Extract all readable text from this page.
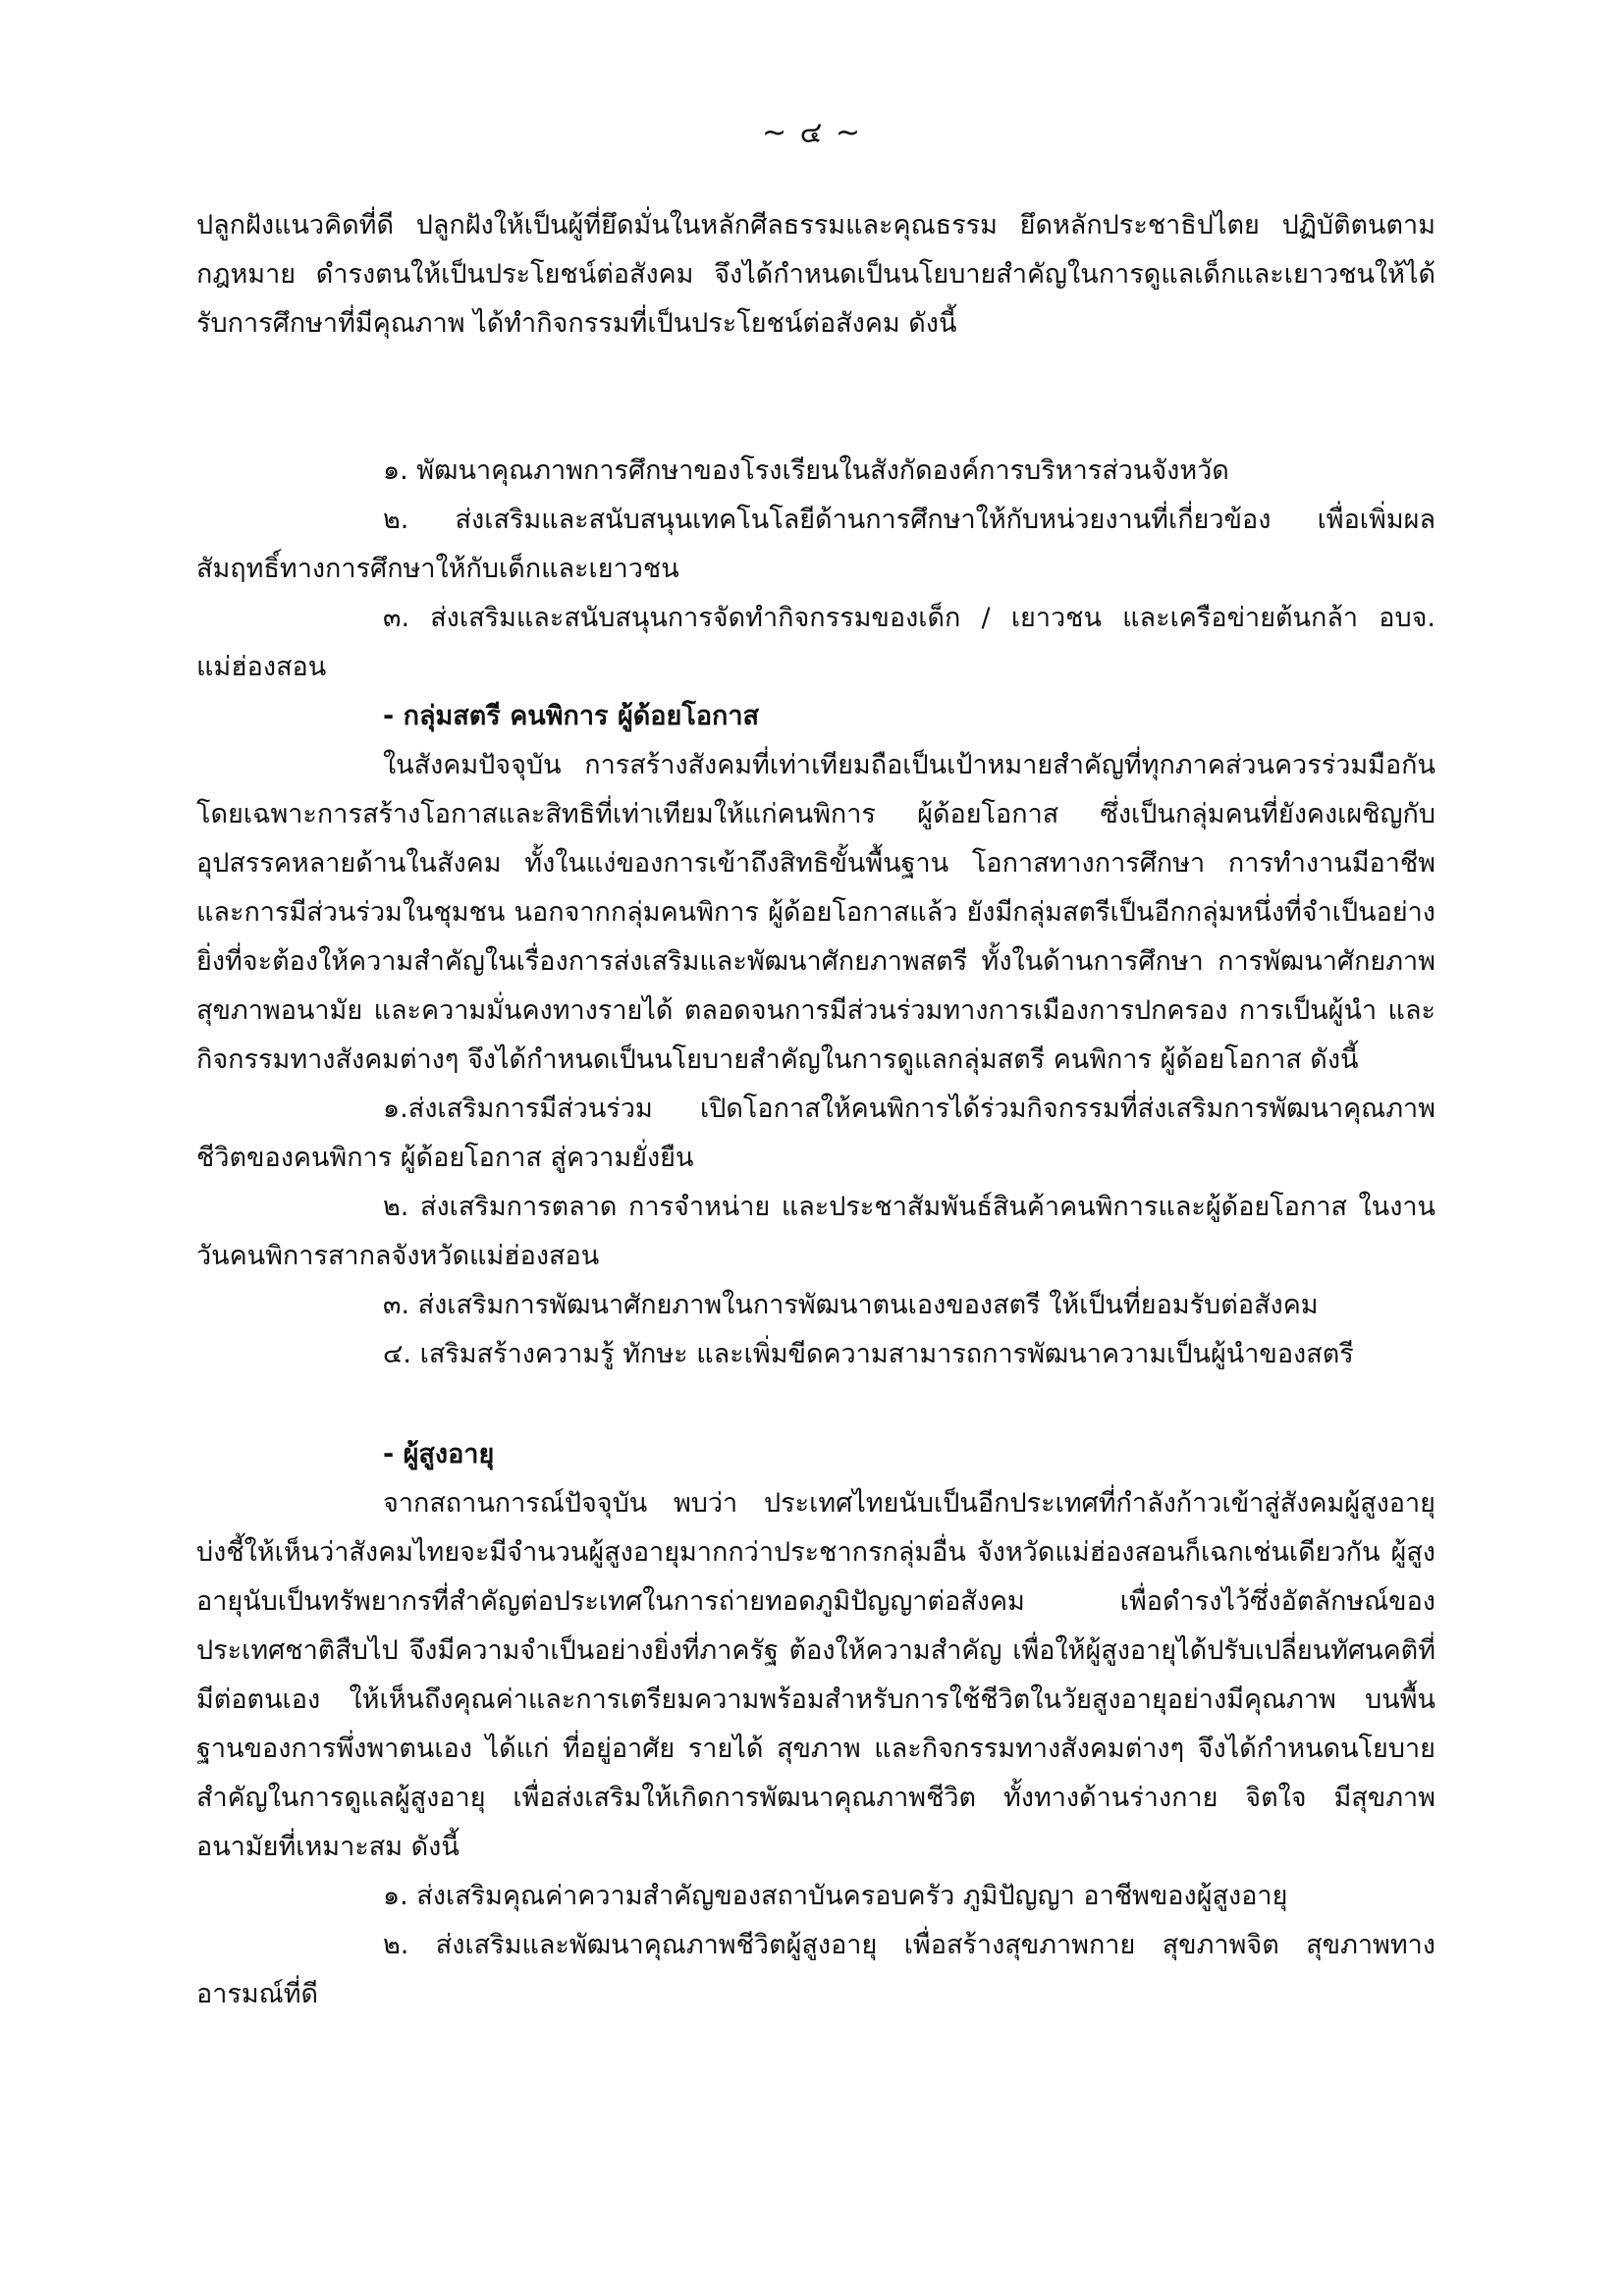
~ ๔ ~

ปลูกฝังแนวคิดที่ดี ปลูกฝังให้เป็นผู้ที่ยึดมั่นในหลักศีลธรรมและคุณธรรม ยึดหลักประชาธิปไตย ปฏิบัติตนตามกฎหมาย ดำรงตนให้เป็นประโยชน์ต่อสังคม จึงได้กำหนดเป็นนโยบายสำคัญในการดูแลเด็กและเยาวชนให้ได้รับการศึกษาที่มีคุณภาพ ได้ทำกิจกรรมที่เป็นประโยชน์ต่อสังคม ดังนี้

๑. พัฒนาคุณภาพการศึกษาของโรงเรียนในสังกัดองค์การบริหารส่วนจังหวัด

๒. ส่งเสริมและสนับสนุนเทคโนโลยีด้านการศึกษาให้กับหน่วยงานที่เกี่ยวข้อง เพื่อเพิ่มผลสัมฤทธิ์ทางการศึกษาให้กับเด็กและเยาวชน

๓. ส่งเสริมและสนับสนุนการจัดทำกิจกรรมของเด็ก / เยาวชน และเครือข่ายต้นกล้า อบจ. แม่ฮ่องสอน

- กลุ่มสตรี คนพิการ ผู้ด้อยโอกาส

ในสังคมปัจจุบัน การสร้างสังคมที่เท่าเทียมถือเป็นเป้าหมายสำคัญที่ทุกภาคส่วนควรร่วมมือกัน โดยเฉพาะการสร้างโอกาสและสิทธิที่เท่าเทียมให้แก่คนพิการ ผู้ด้อยโอกาส ซึ่งเป็นกลุ่มคนที่ยังคงเผชิญกับอุปสรรคหลายด้านในสังคม ทั้งในแง่ของการเข้าถึงสิทธิขั้นพื้นฐาน โอกาสทางการศึกษา การทำงานมีอาชีพ และการมีส่วนร่วมในชุมชน นอกจากกลุ่มคนพิการ ผู้ด้อยโอกาสแล้ว ยังมีกลุ่มสตรีเป็นอีกกลุ่มหนึ่งที่จำเป็นอย่างยิ่งที่จะต้องให้ความสำคัญในเรื่องการส่งเสริมและพัฒนาศักยภาพสตรี ทั้งในด้านการศึกษา การพัฒนาศักยภาพ สุขภาพอนามัย และความมั่นคงทางรายได้ ตลอดจนการมีส่วนร่วมทางการเมืองการปกครอง การเป็นผู้นำ และกิจกรรมทางสังคมต่างๆ จึงได้กำหนดเป็นนโยบายสำคัญในการดูแลกลุ่มสตรี คนพิการ ผู้ด้อยโอกาส ดังนี้

๑.ส่งเสริมการมีส่วนร่วม เปิดโอกาสให้คนพิการได้ร่วมกิจกรรมที่ส่งเสริมการพัฒนาคุณภาพชีวิตของคนพิการ ผู้ด้อยโอกาส สู่ความยั่งยืน

๒. ส่งเสริมการตลาด การจำหน่าย และประชาสัมพันธ์สินค้าคนพิการและผู้ด้อยโอกาส ในงานวันคนพิการสากลจังหวัดแม่ฮ่องสอน

๓. ส่งเสริมการพัฒนาศักยภาพในการพัฒนาตนเองของสตรี ให้เป็นที่ยอมรับต่อสังคม

๔. เสริมสร้างความรู้ ทักษะ และเพิ่มขีดความสามารถการพัฒนาความเป็นผู้นำของสตรี

- ผู้สูงอายุ

จากสถานการณ์ปัจจุบัน พบว่า ประเทศไทยนับเป็นอีกประเทศที่กำลังก้าวเข้าสู่สังคมผู้สูงอายุ บ่งชี้ให้เห็นว่าสังคมไทยจะมีจำนวนผู้สูงอายุมากกว่าประชากรกลุ่มอื่น จังหวัดแม่ฮ่องสอนก็เฉกเช่นเดียวกัน ผู้สูงอายุนับเป็นทรัพยากรที่สำคัญต่อประเทศในการถ่ายทอดภูมิปัญญาต่อสังคม เพื่อดำรงไว้ซึ่งอัตลักษณ์ของประเทศชาติสืบไป จึงมีความจำเป็นอย่างยิ่งที่ภาครัฐ ต้องให้ความสำคัญ เพื่อให้ผู้สูงอายุได้ปรับเปลี่ยนทัศนคติที่มีต่อตนเอง ให้เห็นถึงคุณค่าและการเตรียมความพร้อมสำหรับการใช้ชีวิตในวัยสูงอายุอย่างมีคุณภาพ บนพื้นฐานของการพึ่งพาตนเอง ได้แก่ ที่อยู่อาศัย รายได้ สุขภาพ และกิจกรรมทางสังคมต่างๆ จึงได้กำหนดนโยบายสำคัญในการดูแลผู้สูงอายุ เพื่อส่งเสริมให้เกิดการพัฒนาคุณภาพชีวิต ทั้งทางด้านร่างกาย จิตใจ มีสุขภาพอนามัยที่เหมาะสม ดังนี้

๑. ส่งเสริมคุณค่าความสำคัญของสถาบันครอบครัว ภูมิปัญญา อาชีพของผู้สูงอายุ

๒. ส่งเสริมและพัฒนาคุณภาพชีวิตผู้สูงอายุ เพื่อสร้างสุขภาพกาย สุขภาพจิต สุขภาพทางอารมณ์ที่ดี
